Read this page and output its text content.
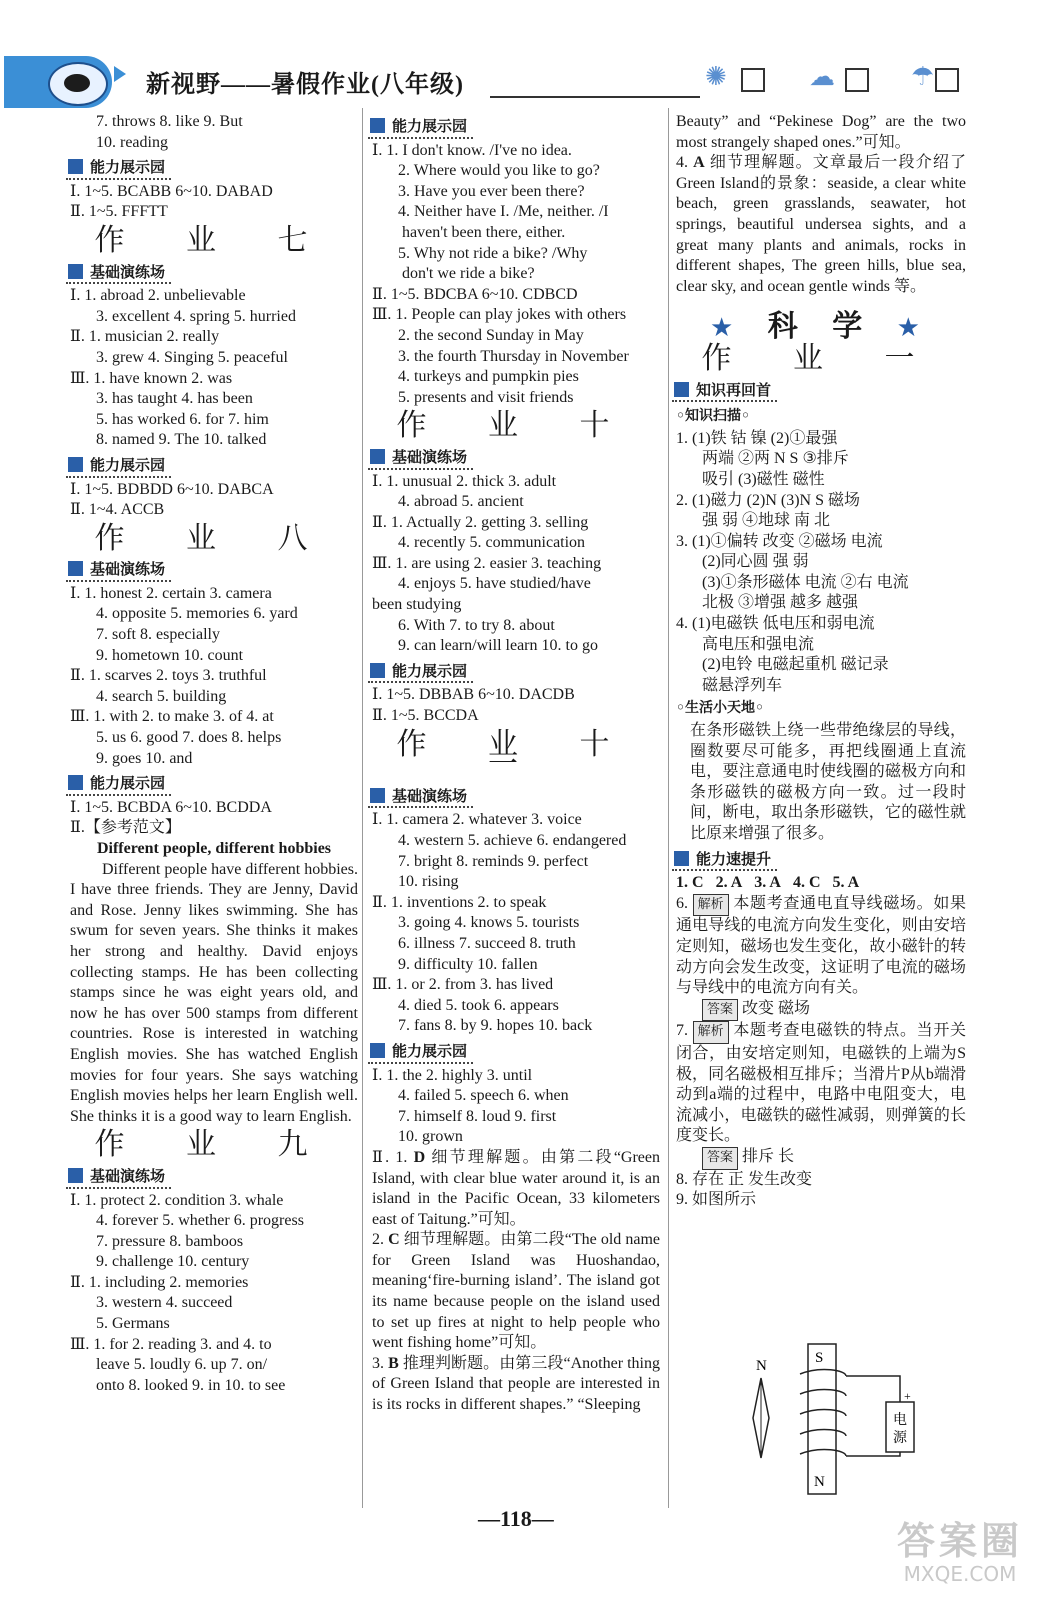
新视野——暑假作业(八年级)	✺	☁	☂
7. throws 8. like 9. But
10. reading
能力展示园
Ⅰ. 1~5. BCABB 6~10. DABAD
Ⅱ. 1~5. FFFTT
作 业 七
基础演练场
Ⅰ. 1. abroad 2. unbelievable
3. excellent 4. spring 5. hurried
Ⅱ. 1. musician 2. really
3. grew 4. Singing 5. peaceful
Ⅲ. 1. have known 2. was
3. has taught 4. has been
5. has worked 6. for 7. him
8. named 9. The 10. talked
能力展示园
Ⅰ. 1~5. BDBDD 6~10. DABCA
Ⅱ. 1~4. ACCB
作 业 八
基础演练场
Ⅰ. 1. honest 2. certain 3. camera
4. opposite 5. memories 6. yard
7. soft 8. especially
9. hometown 10. count
Ⅱ. 1. scarves 2. toys 3. truthful
4. search 5. building
Ⅲ. 1. with 2. to make 3. of 4. at
5. us 6. good 7. does 8. helps
9. goes 10. and
能力展示园
Ⅰ. 1~5. BCBDA 6~10. BCDDA
Ⅱ.【参考范文】
Different people, different hobbies
Different people have different hobbies. I have three friends. They are Jenny, David and Rose. Jenny likes swimming. She has swum for seven years. She thinks it makes her strong and healthy. David enjoys collecting stamps. He has been collecting stamps since he was eight years old, and now he has over 500 stamps from different countries. Rose is interested in watching English movies. She has watched English movies for four years. She says watching English movies helps her learn English well. She thinks it is a good way to learn English.
作 业 九
基础演练场
Ⅰ. 1. protect 2. condition 3. whale
4. forever 5. whether 6. progress
7. pressure 8. bamboos
9. challenge 10. century
Ⅱ. 1. including 2. memories
3. western 4. succeed
5. Germans
Ⅲ. 1. for 2. reading 3. and 4. to
leave 5. loudly 6. up 7. on/
onto 8. looked 9. in 10. to see
能力展示园
Ⅰ. 1. I don't know. /I've no idea.
2. Where would you like to go?
3. Have you ever been there?
4. Neither have I. /Me, neither. /I
haven't been there, either.
5. Why not ride a bike? /Why
don't we ride a bike?
Ⅱ. 1~5. BDCBA 6~10. CDBCD
Ⅲ. 1. People can play jokes with others
2. the second Sunday in May
3. the fourth Thursday in November
4. turkeys and pumpkin pies
5. presents and visit friends
作 业 十
基础演练场
Ⅰ. 1. unusual 2. thick 3. adult
4. abroad 5. ancient
Ⅱ. 1. Actually 2. getting 3. selling
4. recently 5. communication
Ⅲ. 1. are using 2. easier 3. teaching
4. enjoys 5. have studied/have
been studying
6. With 7. to try 8. about
9. can learn/will learn 10. to go
能力展示园
Ⅰ. 1~5. DBBAB 6~10. DACDB
Ⅱ. 1~5. BCCDA
作 业 十 一
基础演练场
Ⅰ. 1. camera 2. whatever 3. voice
4. western 5. achieve 6. endangered
7. bright 8. reminds 9. perfect
10. rising
Ⅱ. 1. inventions 2. to speak
3. going 4. knows 5. tourists
6. illness 7. succeed 8. truth
9. difficulty 10. fallen
Ⅲ. 1. or 2. from 3. has lived
4. died 5. took 6. appears
7. fans 8. by 9. hopes 10. back
能力展示园
Ⅰ. 1. the 2. highly 3. until
4. failed 5. speech 6. when
7. himself 8. loud 9. first
10. grown
Ⅱ. 1. D 细节理解题。由第二段“Green Island, with clear blue water around it, is an island in the Pacific Ocean, 33 kilometers east of Taitung.”可知。
2. C 细节理解题。由第二段“The old name for Green Island was Huoshandao, meaning‘fire-burning island’. The island got its name because people on the island used to set up fires at night to help people who went fishing home”可知。
3. B 推理判断题。由第三段“Another thing of Green Island that people are interested in is its rocks in different shapes.” “Sleeping
Beauty” and “Pekinese Dog” are the two most strangely shaped ones.”可知。
4. A 细节理解题。文章最后一段介绍了Green Island的景象：seaside, a clear white beach, green grasslands, seawater, hot springs, beautiful undersea sights, and a great many plants and animals, rocks in different shapes, The green hills, blue sea, clear sky, and ocean gentle winds 等。
★ 科 学 ★
作 业 一
知识再回首
◦知识扫描◦
1. (1)铁 钴 镍 (2)①最强
两端 ②两 N S ③排斥
吸引 (3)磁性 磁性
2. (1)磁力 (2)N (3)N S 磁场
强 弱 ④地球 南 北
3. (1)①偏转 改变 ②磁场 电流
(2)同心圆 强 弱
(3)①条形磁体 电流 ②右 电流
北极 ③增强 越多 越强
4. (1)电磁铁 低电压和弱电流
高电压和强电流
(2)电铃 电磁起重机 磁记录
磁悬浮列车
◦生活小天地◦
在条形磁铁上绕一些带绝缘层的导线，圈数要尽可能多，再把线圈通上直流电，要注意通电时使线圈的磁极方向和条形磁铁的磁极方向一致。过一段时间，断电，取出条形磁铁，它的磁性就比原来增强了很多。
能力速提升
1. C 2. A 3. A 4. C 5. A
6. 解析 本题考查通电直导线磁场。如果通电导线的电流方向发生变化，则由安培定则知，磁场也发生变化，故小磁针的转动方向会发生改变，这证明了电流的磁场与导线中的电流方向有关。
答案 改变 磁场
7. 解析 本题考查电磁铁的特点。当开关闭合，由安培定则知，电磁铁的上端为S极，同名磁极相互排斥；当滑片P从b端滑动到a端的过程中，电路中电阻变大，电流减小，电磁铁的磁性减弱，则弹簧的长度变长。
答案 排斥 长
8. 存在 正 发生改变
9. 如图所示
N	S
N
+
电源
—118—
答案圈
MXQE.COM
